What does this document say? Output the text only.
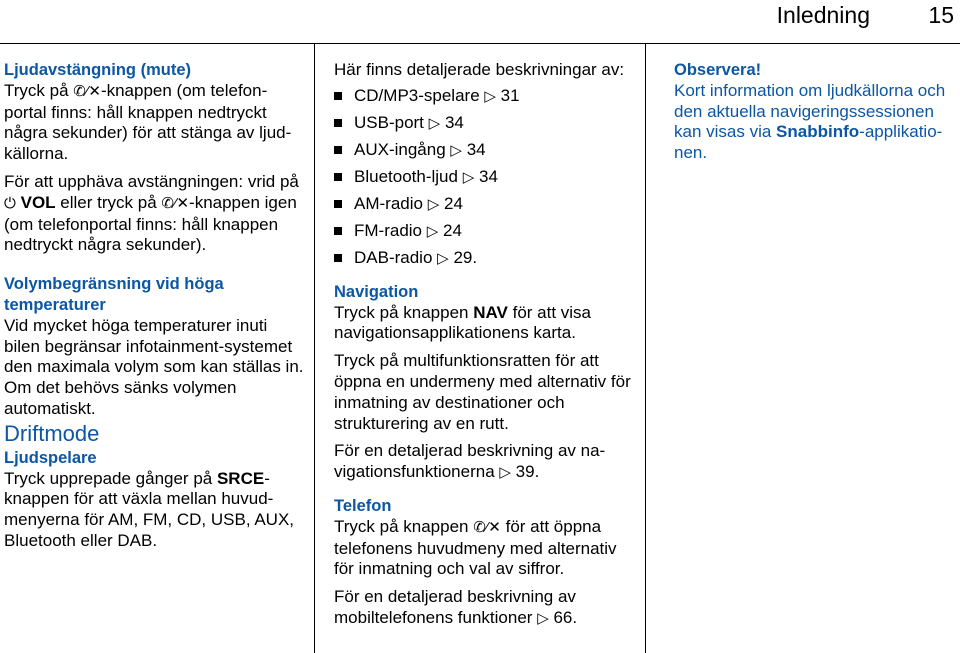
Inledning	15

Ljudavstängning (mute)

Tryck på ✆⁄✕-knappen (om telefon-portal finns: håll knappen nedtryckt några sekunder) för att stänga av ljud-källorna.

För att upphäva avstängningen: vrid på ⏻ VOL eller tryck på ✆⁄✕-knappen igen (om telefonportal finns: håll knappen nedtryckt några sekunder).

Volymbegränsning vid höga temperaturer

Vid mycket höga temperaturer inuti bilen begränsar infotainment-systemet den maximala volym som kan ställas in. Om det behövs sänks volymen automatiskt.

Driftmode

Ljudspelare

Tryck upprepade gånger på SRCE-knappen för att växla mellan huvud-menyerna för AM, FM, CD, USB, AUX, Bluetooth eller DAB.

Här finns detaljerade beskrivningar av:

CD/MP3-spelare ▷ 31
USB-port ▷ 34
AUX-ingång ▷ 34
Bluetooth-ljud ▷ 34
AM-radio ▷ 24
FM-radio ▷ 24
DAB-radio ▷ 29.

Navigation

Tryck på knappen NAV för att visa navigationsapplikationens karta.

Tryck på multifunktionsratten för att öppna en undermeny med alternativ för inmatning av destinationer och strukturering av en rutt.

För en detaljerad beskrivning av na-vigationsfunktionerna ▷ 39.

Telefon

Tryck på knappen ✆⁄✕ för att öppna telefonens huvudmeny med alternativ för inmatning och val av siffror.

För en detaljerad beskrivning av mobiltelefonens funktioner ▷ 66.

Observera!

Kort information om ljudkällorna och den aktuella navigeringssessionen kan visas via Snabbinfo-applikatio-nen.
